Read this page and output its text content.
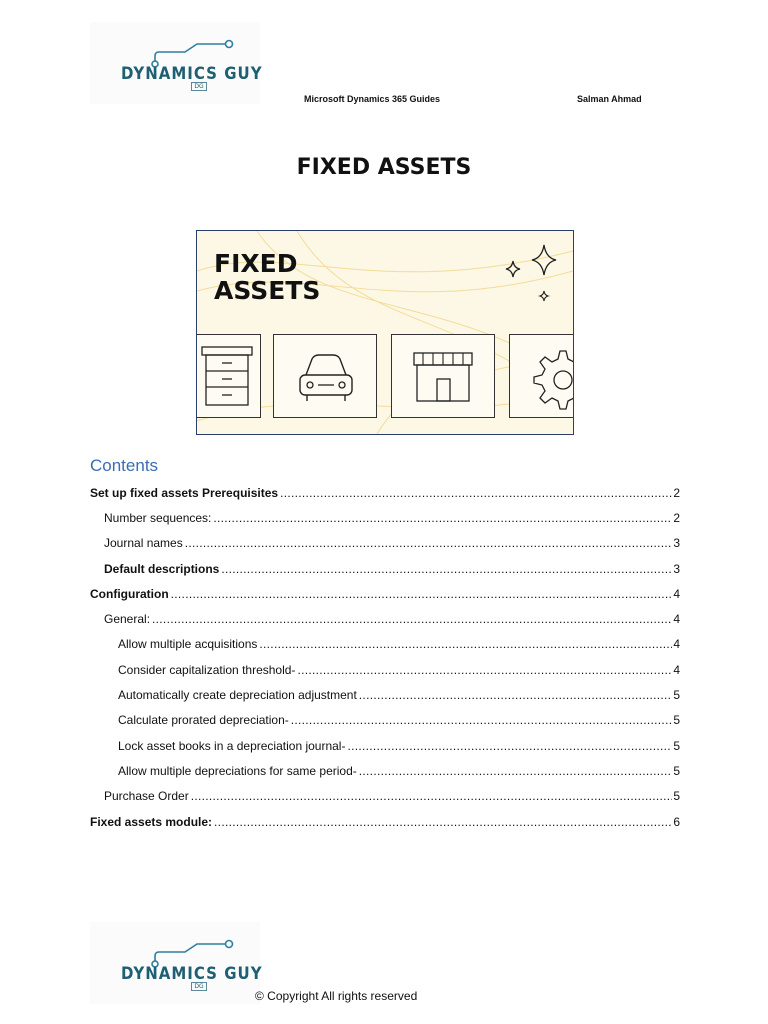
DYNAMICS GUY
DG
Microsoft Dynamics 365 Guides	Salman Ahmad
FIXED ASSETS
FIXED
ASSETS
Contents
Set up fixed assets Prerequisites .....	2
Number sequences: .....	2
Journal names .....	3
Default descriptions .....	3
Configuration .....	4
General: .....	4
Allow multiple acquisitions .....	4
Consider capitalization threshold- .....	4
Automatically create depreciation adjustment .....	5
Calculate prorated depreciation- .....	5
Lock asset books in a depreciation journal- .....	5
Allow multiple depreciations for same period- .....	5
Purchase Order .....	5
Fixed assets module: .....	6
DYNAMICS GUY
DG
© Copyright All rights reserved
